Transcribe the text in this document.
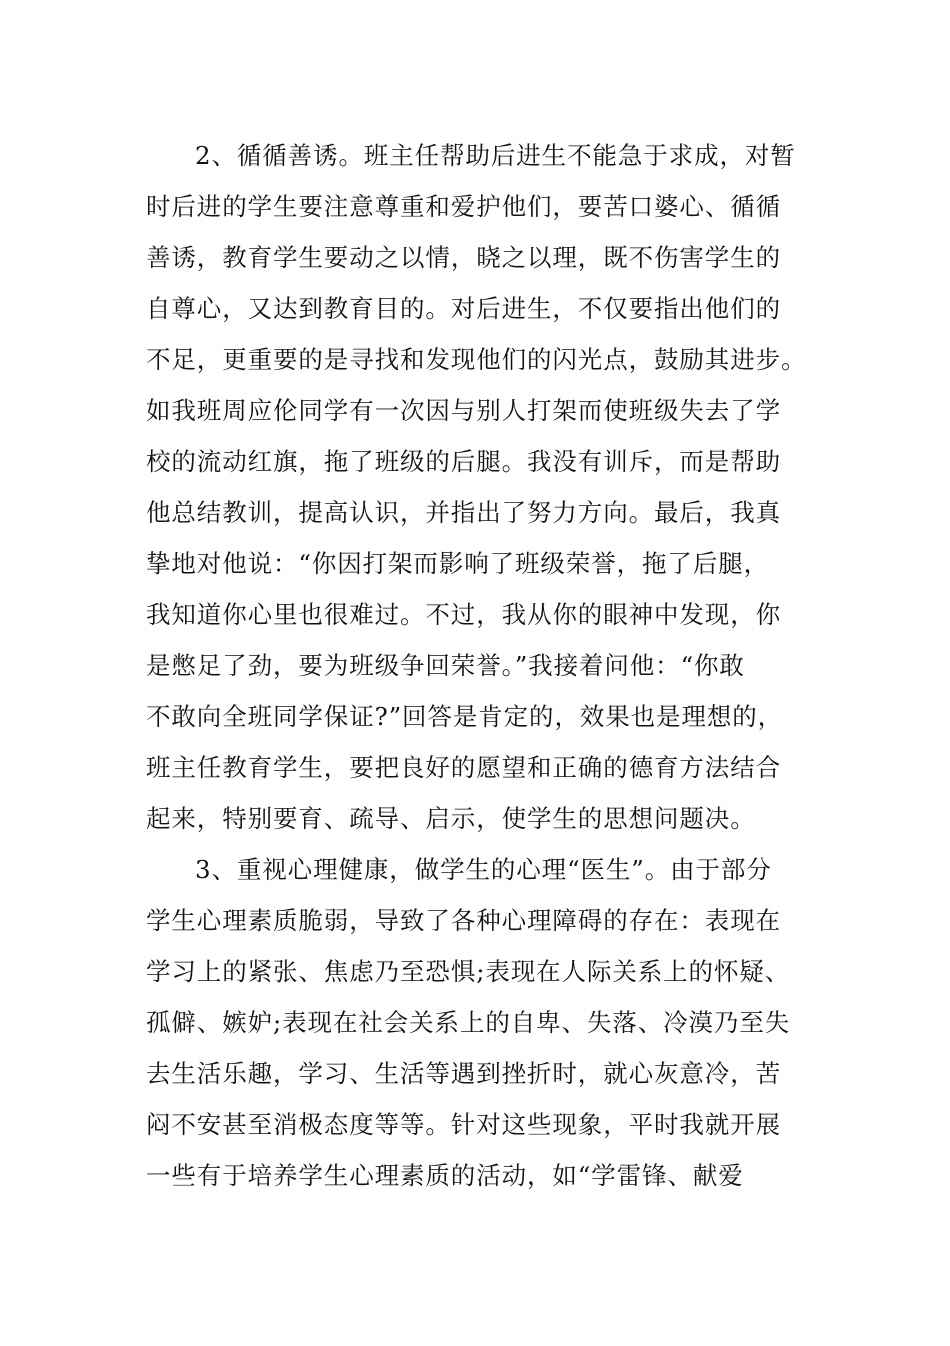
2、循循善诱。班主任帮助后进生不能急于求成，对暂
时后进的学生要注意尊重和爱护他们，要苦口婆心、循循
善诱，教育学生要动之以情，晓之以理，既不伤害学生的
自尊心，又达到教育目的。对后进生，不仅要指出他们的
不足，更重要的是寻找和发现他们的闪光点，鼓励其进步。
如我班周应伦同学有一次因与别人打架而使班级失去了学
校的流动红旗，拖了班级的后腿。我没有训斥，而是帮助
他总结教训，提高认识，并指出了努力方向。最后，我真
挚地对他说：“你因打架而影响了班级荣誉，拖了后腿，
我知道你心里也很难过。不过，我从你的眼神中发现，你
是憋足了劲，要为班级争回荣誉。”我接着问他：“你敢
不敢向全班同学保证?”回答是肯定的，效果也是理想的，
班主任教育学生，要把良好的愿望和正确的德育方法结合
起来，特别要育、疏导、启示，使学生的思想问题决。
3、重视心理健康，做学生的心理“医生”。由于部分
学生心理素质脆弱，导致了各种心理障碍的存在：表现在
学习上的紧张、焦虑乃至恐惧;表现在人际关系上的怀疑、
孤僻、嫉妒;表现在社会关系上的自卑、失落、冷漠乃至失
去生活乐趣，学习、生活等遇到挫折时，就心灰意冷，苦
闷不安甚至消极态度等等。针对这些现象，平时我就开展
一些有于培养学生心理素质的活动，如“学雷锋、献爱
